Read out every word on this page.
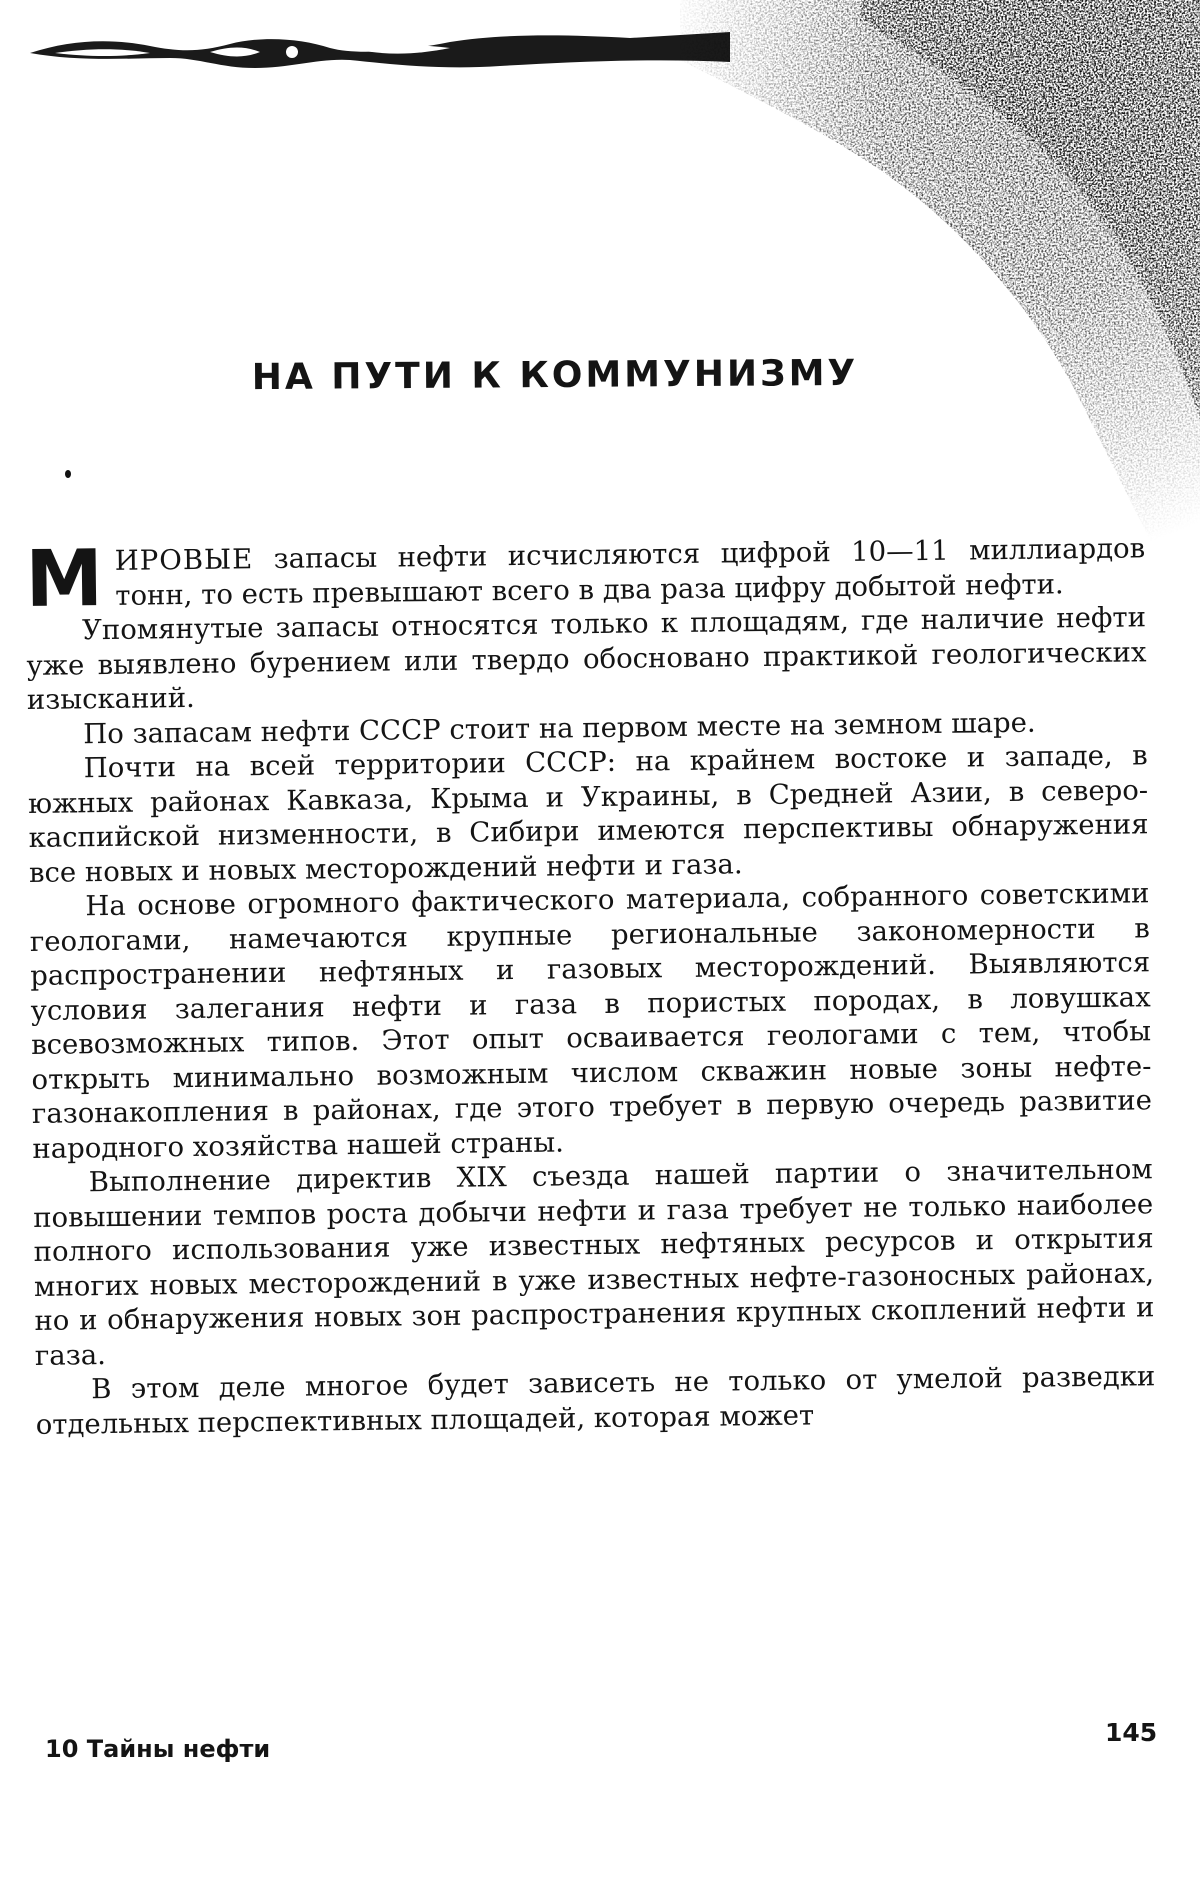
НА ПУТИ К КОММУНИЗМУ

МИРОВЫЕ запасы нефти исчисляются цифрой 10—11 миллиардов тонн, то есть превышают всего в два раза цифру добытой нефти.

Упомянутые запасы относятся только к площадям, где наличие нефти уже выявлено бурением или твердо обосновано практикой геологических изысканий.

По запасам нефти СССР стоит на первом месте на земном шаре.

Почти на всей территории СССР: на крайнем востоке и западе, в южных районах Кавказа, Крыма и Украины, в Средней Азии, в северо-каспийской низменности, в Сибири имеются перспективы обнаружения все новых и новых месторождений нефти и газа.

На основе огромного фактического материала, собранного советскими геологами, намечаются крупные региональные закономерности в распространении нефтяных и газовых месторождений. Выявляются условия залегания нефти и газа в пористых породах, в ловушках всевозможных типов. Этот опыт осваивается геологами с тем, чтобы открыть минимально возможным числом скважин новые зоны нефте-газонакопления в районах, где этого требует в первую очередь развитие народного хозяйства нашей страны.

Выполнение директив XIX съезда нашей партии о значительном повышении темпов роста добычи нефти и газа требует не только наиболее полного использования уже известных нефтяных ресурсов и открытия многих новых месторождений в уже известных нефте-газоносных районах, но и обнаружения новых зон распространения крупных скоплений нефти и газа.

В этом деле многое будет зависеть не только от умелой разведки отдельных перспективных площадей, которая может

10 Тайны нефти

145
